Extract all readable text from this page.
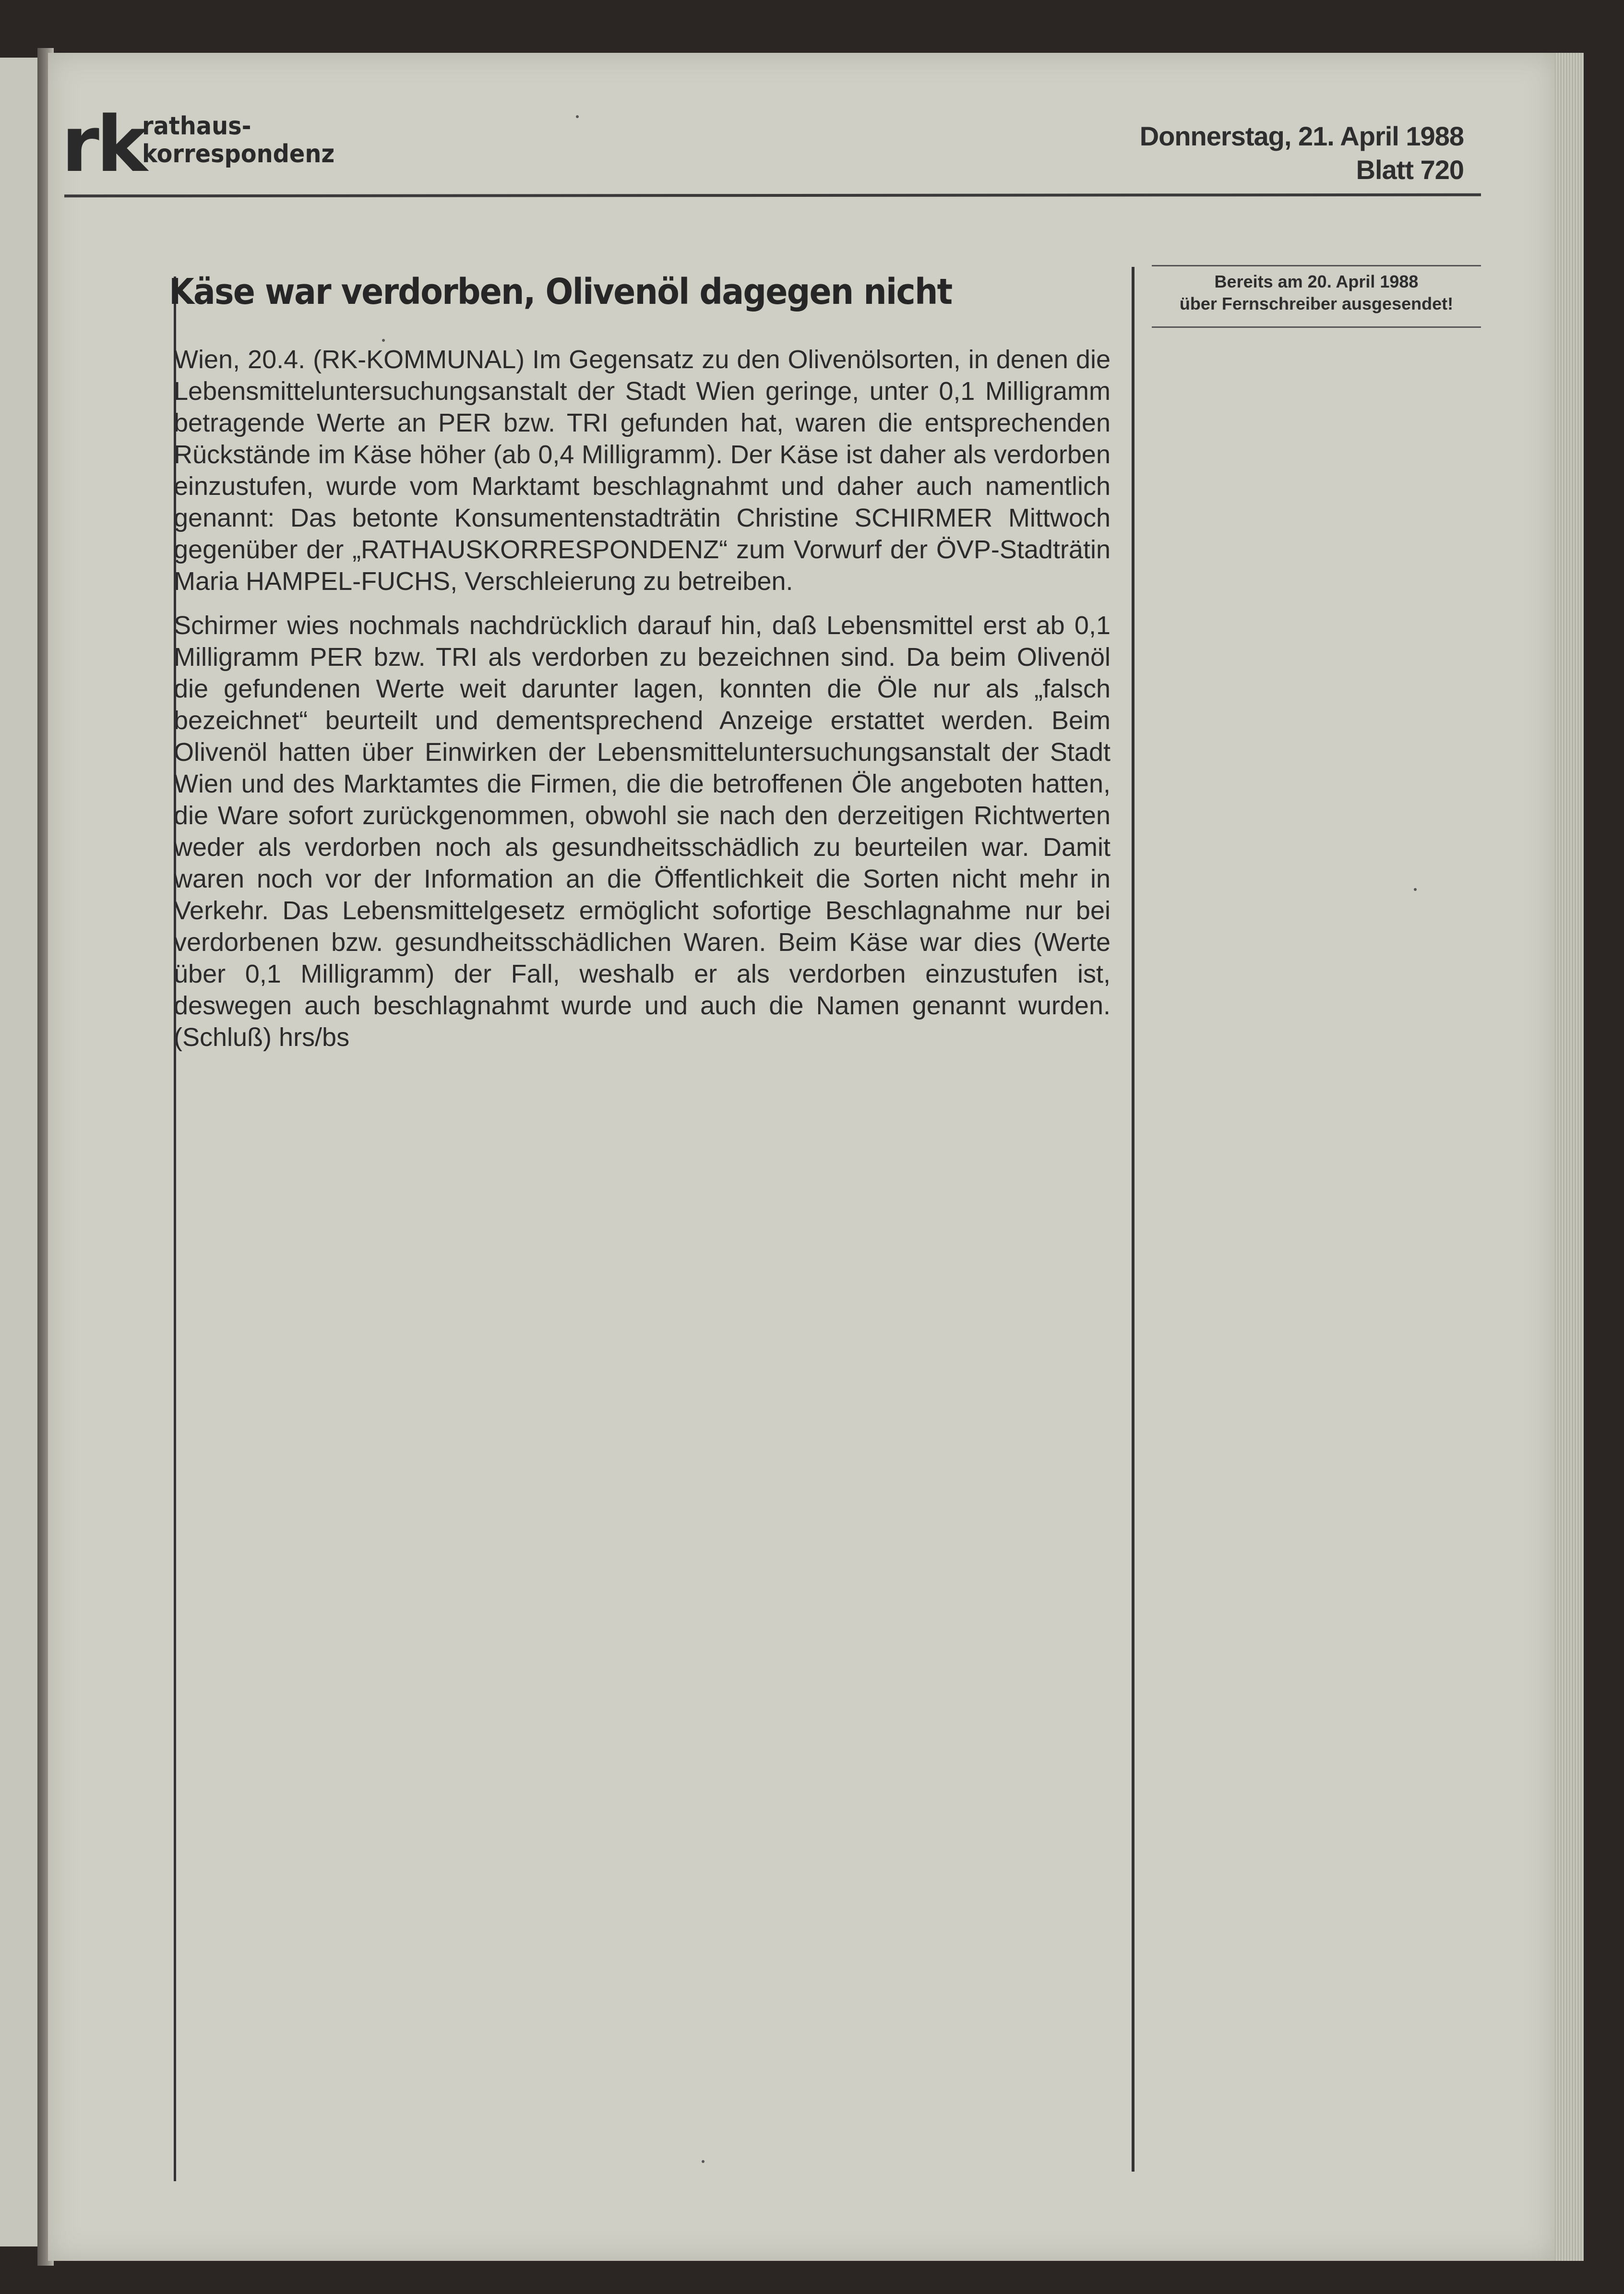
rk
rathaus-
korrespondenz
Donnerstag, 21. April 1988
Blatt 720
Käse war verdorben, Olivenöl dagegen nicht

Wien, 20.4. (RK-KOMMUNAL) Im Gegensatz zu den Olivenölsorten, in denen die Lebensmitteluntersuchungsanstalt der Stadt Wien geringe, unter 0,1 Milligramm betragende Werte an PER bzw. TRI gefunden hat, waren die entsprechenden Rückstände im Käse höher (ab 0,4 Milligramm). Der Käse ist daher als verdorben einzustufen, wurde vom Marktamt beschlagnahmt und daher auch namentlich genannt: Das betonte Konsumentenstadträtin Christine SCHIRMER Mittwoch gegenüber der „RATHAUSKORRESPONDENZ“ zum Vorwurf der ÖVP-Stadträtin Maria HAMPEL-FUCHS, Verschleierung zu betreiben.

Schirmer wies nochmals nachdrücklich darauf hin, daß Lebensmittel erst ab 0,1 Milligramm PER bzw. TRI als verdorben zu bezeichnen sind. Da beim Olivenöl die gefundenen Werte weit darunter lagen, konnten die Öle nur als „falsch bezeichnet“ beurteilt und dementsprechend Anzeige erstattet werden. Beim Olivenöl hatten über Einwirken der Lebensmitteluntersuchungsanstalt der Stadt Wien und des Marktamtes die Firmen, die die betroffenen Öle angeboten hatten, die Ware sofort zurückgenommen, obwohl sie nach den derzeitigen Richtwerten weder als verdorben noch als gesundheitsschädlich zu beurteilen war. Damit waren noch vor der Information an die Öffentlichkeit die Sorten nicht mehr in Verkehr. Das Lebensmittelgesetz ermöglicht sofortige Beschlagnahme nur bei verdorbenen bzw. gesundheitsschädlichen Waren. Beim Käse war dies (Werte über 0,1 Milligramm) der Fall, weshalb er als verdorben einzustufen ist, deswegen auch beschlagnahmt wurde und auch die Namen genannt wurden. (Schluß) hrs/bs

Bereits am 20. April 1988
über Fernschreiber ausgesendet!
